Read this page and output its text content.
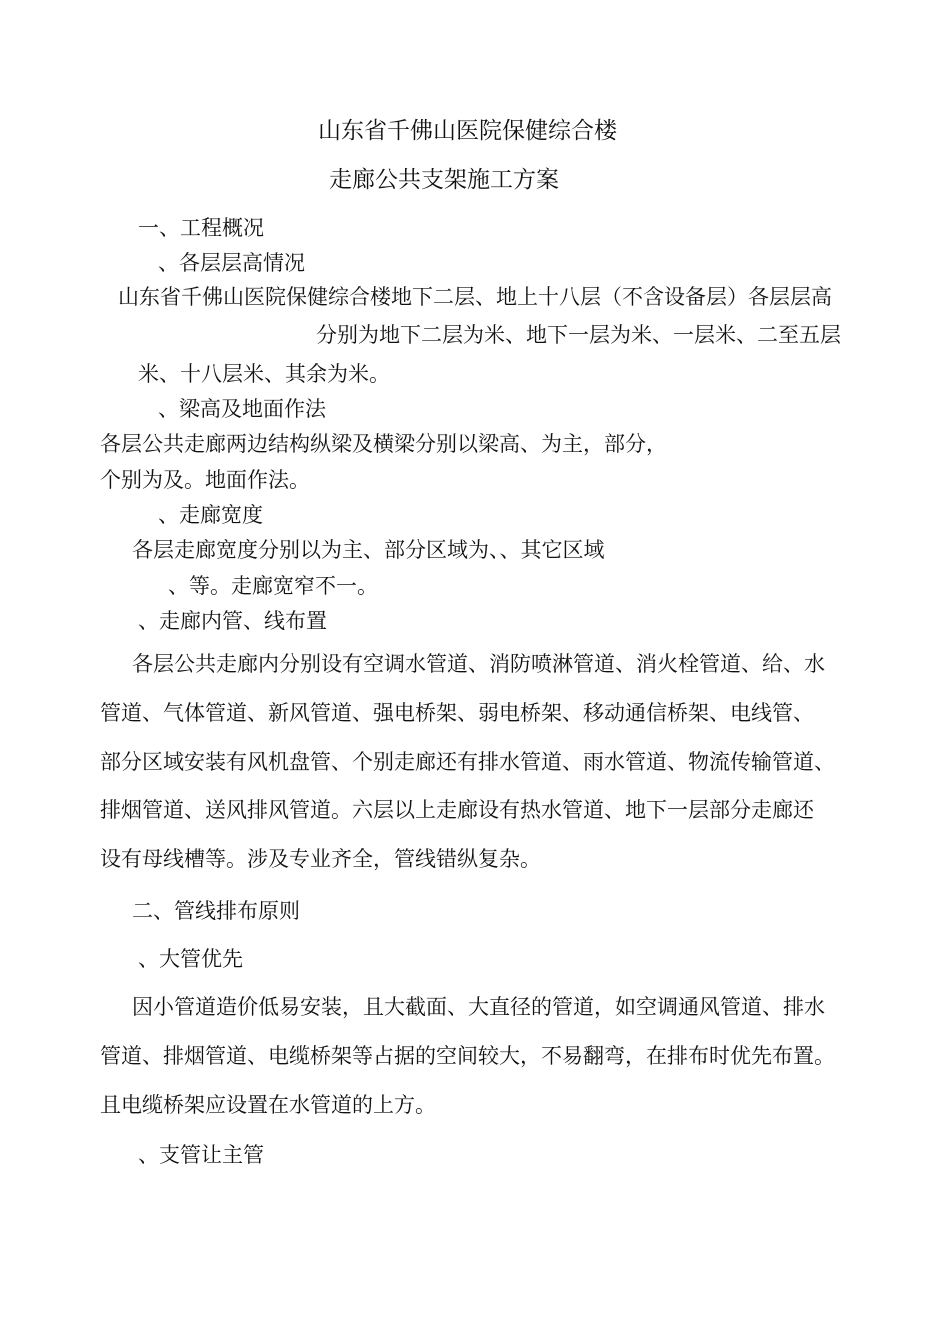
山东省千佛山医院保健综合楼
走廊公共支架施工方案
一、工程概况
、各层层高情况
山东省千佛山医院保健综合楼地下二层、地上十八层（不含设备层）各层层高
分别为地下二层为米、地下一层为米、一层米、二至五层
米、十八层米、其余为米。
、梁高及地面作法
各层公共走廊两边结构纵梁及横梁分别以梁高、为主，部分，
个别为及。地面作法。
、走廊宽度
各层走廊宽度分别以为主、部分区域为、、其它区域
、等。走廊宽窄不一。
、走廊内管、线布置
各层公共走廊内分别设有空调水管道、消防喷淋管道、消火栓管道、给、水
管道、气体管道、新风管道、强电桥架、弱电桥架、移动通信桥架、电线管、
部分区域安装有风机盘管、个别走廊还有排水管道、雨水管道、物流传输管道、
排烟管道、送风排风管道。六层以上走廊设有热水管道、地下一层部分走廊还
设有母线槽等。涉及专业齐全，管线错纵复杂。
二、管线排布原则
、大管优先
因小管道造价低易安装，且大截面、大直径的管道，如空调通风管道、排水
管道、排烟管道、电缆桥架等占据的空间较大，不易翻弯，在排布时优先布置。
且电缆桥架应设置在水管道的上方。
、支管让主管
